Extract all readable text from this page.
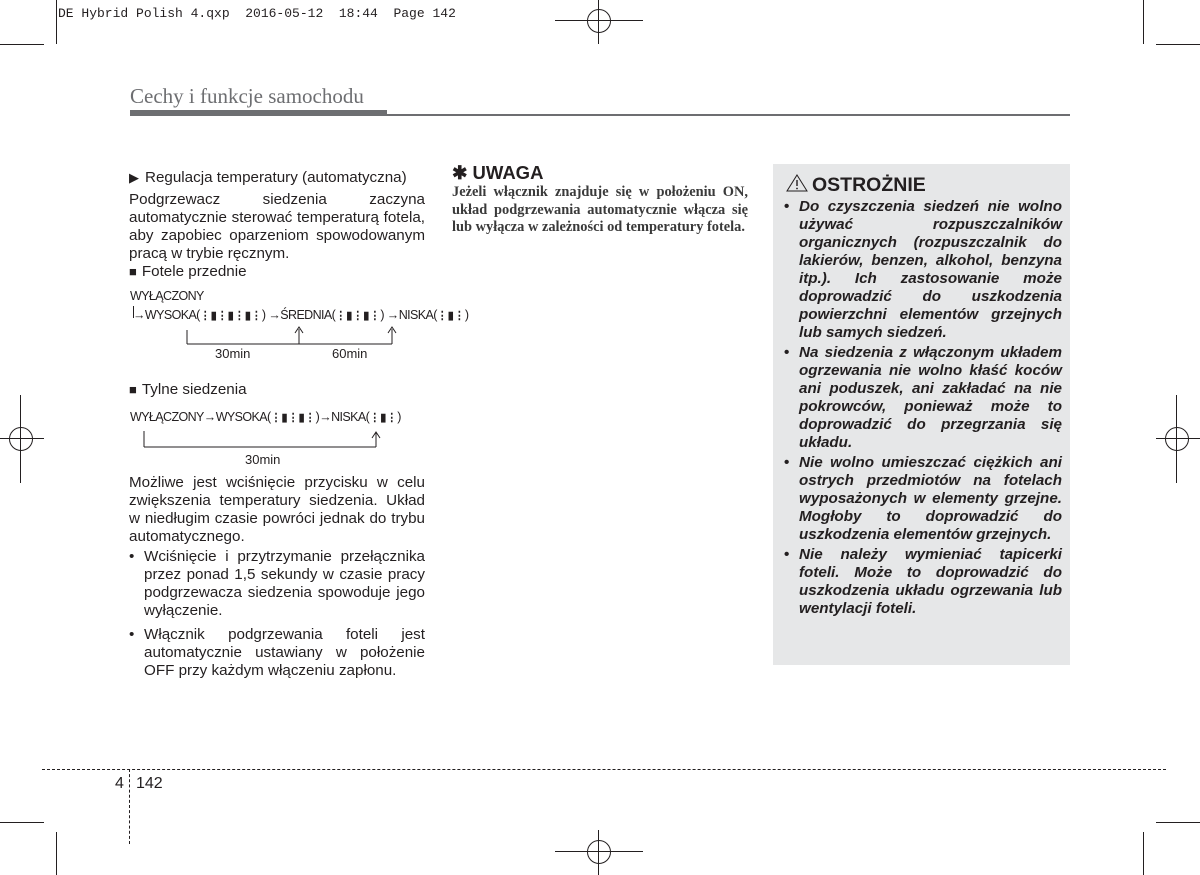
DE Hybrid Polish 4.qxp  2016-05-12  18:44  Page 142
Cechy i funkcje samochodu

▶ Regulacja temperatury (automatyczna)

Podgrzewacz siedzenia zaczyna automatycznie sterować temperaturą fotela, aby zapobiec oparzeniom spowodowanym pracą w trybie ręcznym.

■ Fotele przednie

WYŁĄCZONY
→WYSOKA(⋮▮⋮▮⋮▮⋮) →ŚREDNIA(⋮▮⋮▮⋮) →NISKA(⋮▮⋮)
30min	60min
■ Tylne siedzenia
WYŁĄCZONY→WYSOKA(⋮▮⋮▮⋮)→NISKA(⋮▮⋮)
30min

Możliwe jest wciśnięcie przycisku w celu zwiększenia temperatury siedzenia. Układ w niedługim czasie powróci jednak do trybu automatycznego.

• Wciśnięcie i przytrzymanie przełącznika przez ponad 1,5 sekundy w czasie pracy podgrzewacza siedzenia spowoduje jego wyłączenie.

• Włącznik podgrzewania foteli jest automatycznie ustawiany w położenie OFF przy każdym włączeniu zapłonu.

✱ UWAGA
Jeżeli włącznik znajduje się w położeniu ON, układ podgrzewania automatycznie włącza się lub wyłącza w zależności od temperatury fotela.
OSTROŻNIE

• Do czyszczenia siedzeń nie wolno używać rozpuszczalników organicznych (rozpuszczalnik do lakierów, benzen, alkohol, benzyna itp.). Ich zastosowanie może doprowadzić do uszkodzenia powierzchni elementów grzejnych lub samych siedzeń.

• Na siedzenia z włączonym układem ogrzewania nie wolno kłaść koców ani poduszek, ani zakładać na nie pokrowców, ponieważ może to doprowadzić do przegrzania się układu.

• Nie wolno umieszczać ciężkich ani ostrych przedmiotów na fotelach wyposażonych w elementy grzejne. Mogłoby to doprowadzić do uszkodzenia elementów grzejnych.

• Nie należy wymieniać tapicerki foteli. Może to doprowadzić do uszkodzenia układu ogrzewania lub wentylacji foteli.

4 142
